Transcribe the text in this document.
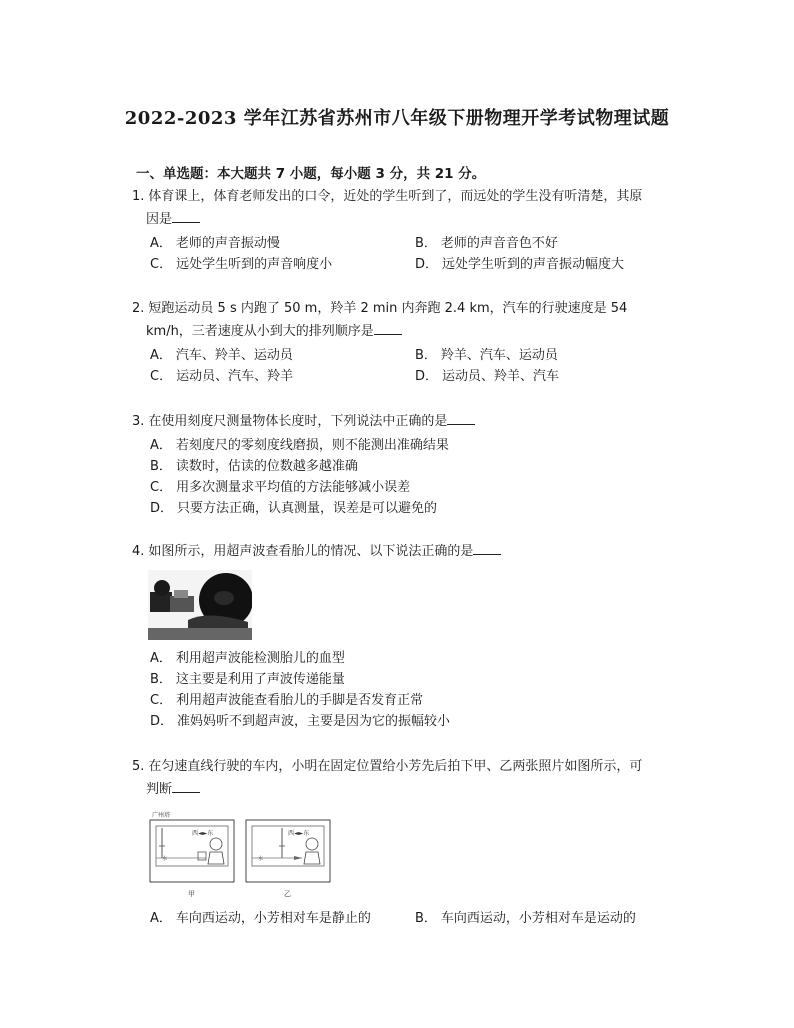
2022-2023 学年江苏省苏州市八年级下册物理开学考试物理试题
一、单选题：本大题共 7 小题，每小题 3 分，共 21 分。
1. 体育课上，体育老师发出的口令，近处的学生听到了，而远处的学生没有听清楚，其原
因是
A． 老师的声音振动慢	B． 老师的声音音色不好
C． 远处学生听到的声音响度小	D． 远处学生听到的声音振动幅度大
2. 短跑运动员 5 s 内跑了 50 m，羚羊 2 min 内奔跑 2.4 km，汽车的行驶速度是 54
km/h，三者速度从小到大的排列顺序是
A． 汽车、羚羊、运动员	B． 羚羊、汽车、运动员
C． 运动员、汽车、羚羊	D． 运动员、羚羊、汽车
3. 在使用刻度尺测量物体长度时，下列说法中正确的是
A． 若刻度尺的零刻度线磨损，则不能测出准确结果
B． 读数时，估读的位数越多越准确
C． 用多次测量求平均值的方法能够减小误差
D． 只要方法正确，认真测量，误差是可以避免的
4. 如图所示，用超声波查看胎儿的情况、以下说法正确的是
A． 利用超声波能检测胎儿的血型
B． 这主要是利用了声波传递能量
C． 利用超声波能查看胎儿的手脚是否发育正常
D． 准妈妈听不到超声波，主要是因为它的振幅较小
5. 在匀速直线行驶的车内，小明在固定位置给小芳先后拍下甲、乙两张照片如图所示，可
判断
水
西◄►东
广州塔
甲
水
西◄►东
乙
A． 车向西运动，小芳相对车是静止的	B． 车向西运动，小芳相对车是运动的
